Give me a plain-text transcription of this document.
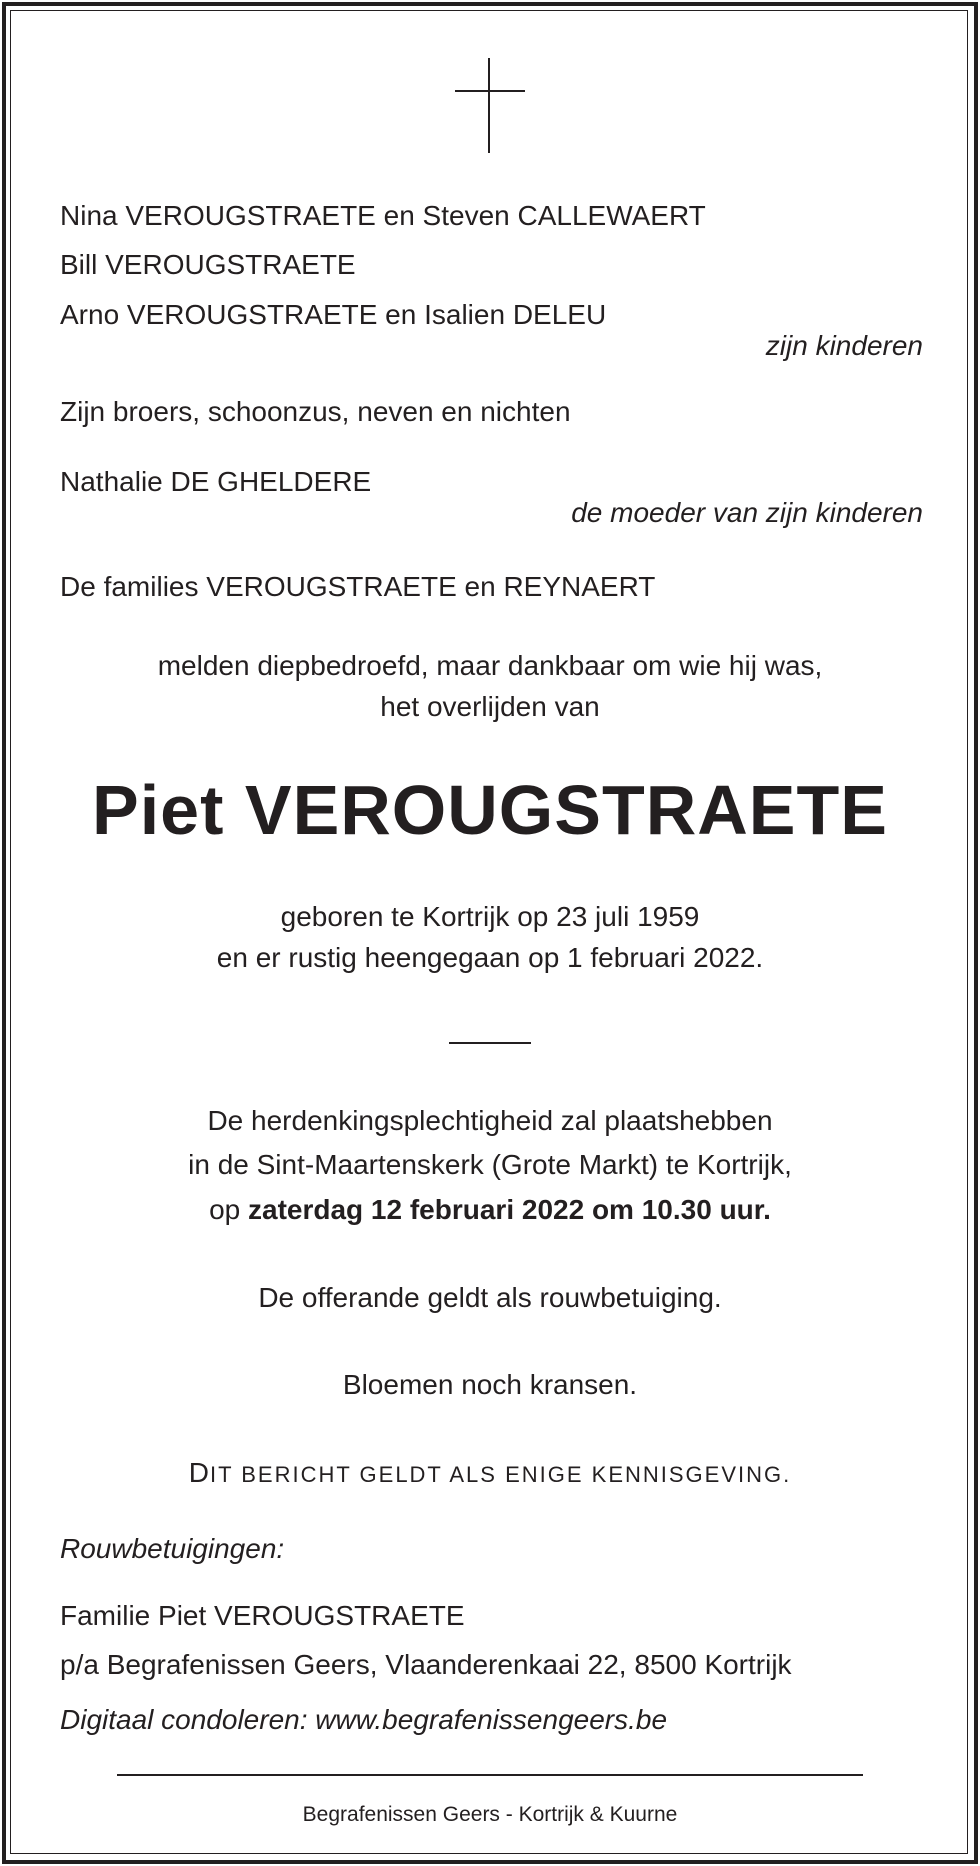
Nina VEROUGSTRAETE en Steven CALLEWAERT
Bill VEROUGSTRAETE
Arno VEROUGSTRAETE en Isalien DELEU
zijn kinderen
Zijn broers, schoonzus, neven en nichten
Nathalie DE GHELDERE
de moeder van zijn kinderen
De families VEROUGSTRAETE en REYNAERT
melden diepbedroefd, maar dankbaar om wie hij was,
het overlijden van
Piet VEROUGSTRAETE
geboren te Kortrijk op 23 juli 1959
en er rustig heengegaan op 1 februari 2022.
De herdenkingsplechtigheid zal plaatshebben
in de Sint-Maartenskerk (Grote Markt) te Kortrijk,
op zaterdag 12 februari 2022 om 10.30 uur.
De offerande geldt als rouwbetuiging.
Bloemen noch kransen.
DIT BERICHT GELDT ALS ENIGE KENNISGEVING.
Rouwbetuigingen:
Familie Piet VEROUGSTRAETE
p/a Begrafenissen Geers, Vlaanderenkaai 22, 8500 Kortrijk
Digitaal condoleren: www.begrafenissengeers.be
Begrafenissen Geers - Kortrijk & Kuurne
